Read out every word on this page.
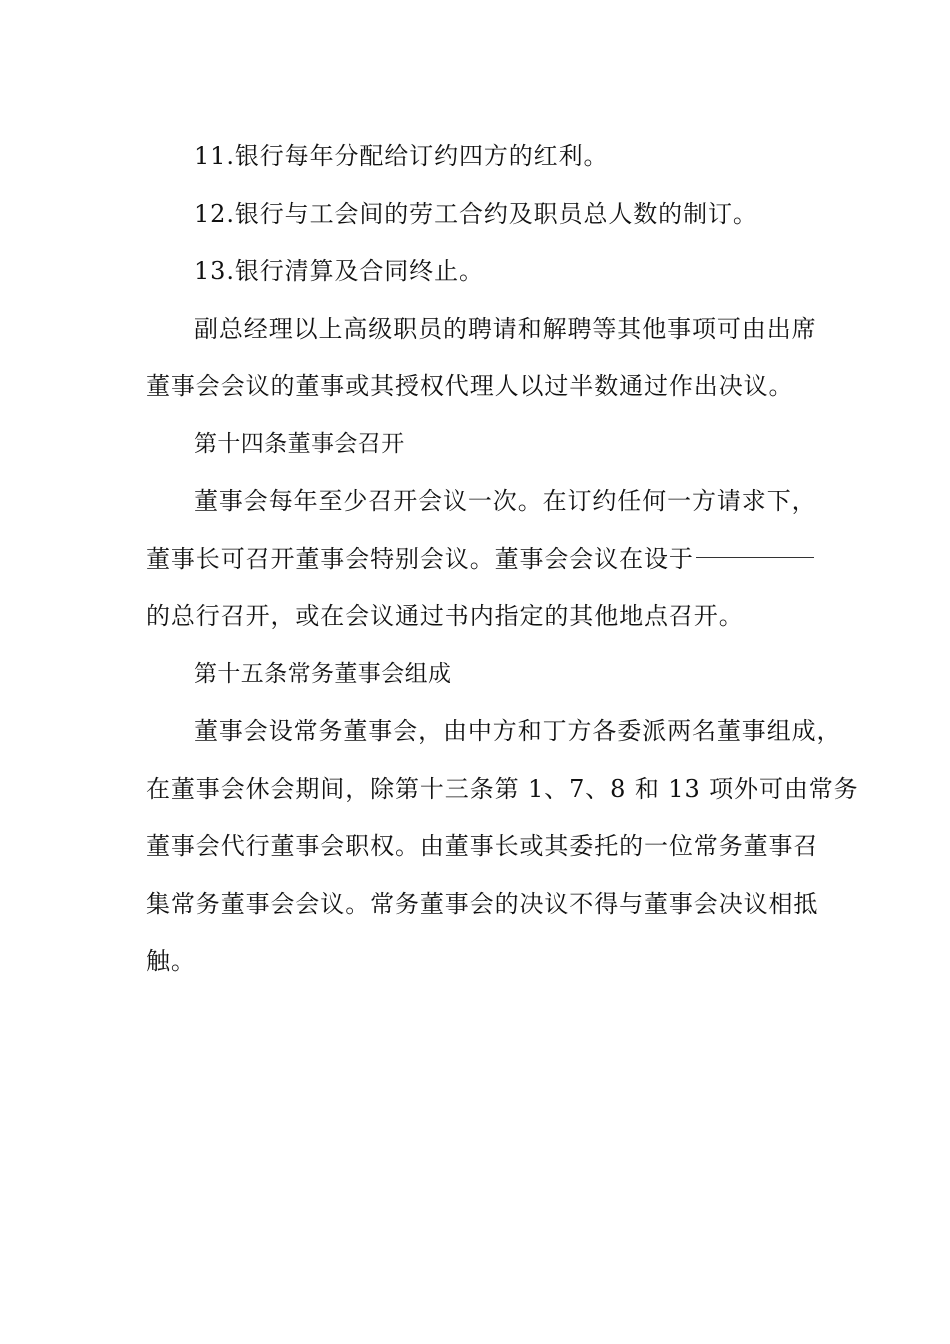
11.银行每年分配给订约四方的红利。

12.银行与工会间的劳工合约及职员总人数的制订。

13.银行清算及合同终止。

副总经理以上高级职员的聘请和解聘等其他事项可由出席

董事会会议的董事或其授权代理人以过半数通过作出决议。

第十四条董事会召开

董事会每年至少召开会议一次。在订约任何一方请求下，

董事长可召开董事会特别会议。董事会会议在设于

的总行召开，或在会议通过书内指定的其他地点召开。

第十五条常务董事会组成

董事会设常务董事会，由中方和丁方各委派两名董事组成，

在董事会休会期间，除第十三条第 1、7、8 和 13 项外可由常务

董事会代行董事会职权。由董事长或其委托的一位常务董事召

集常务董事会会议。常务董事会的决议不得与董事会决议相抵

触。
